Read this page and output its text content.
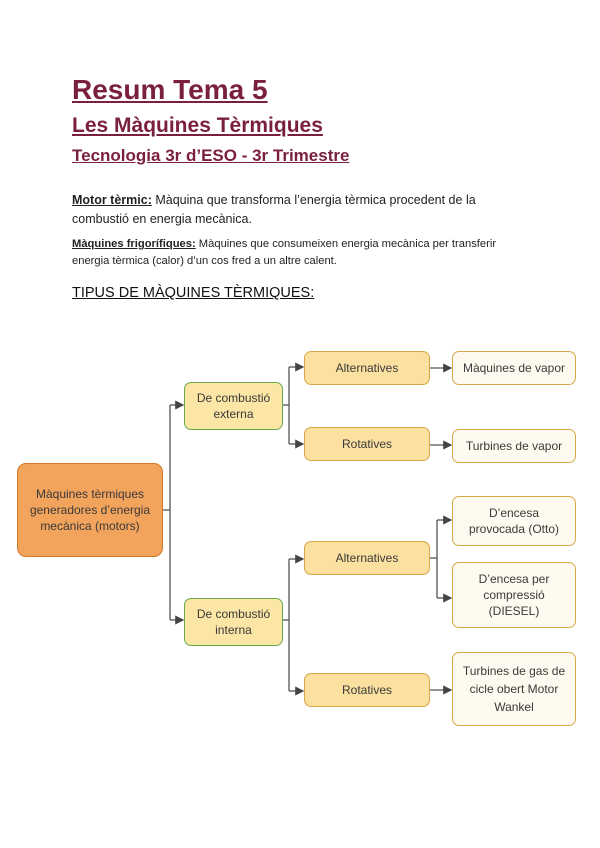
Resum Tema 5
Les Màquines Tèrmiques
Tecnologia 3r d’ESO - 3r Trimestre

Motor tèrmic: Màquina que transforma l’energia tèrmica procedent de la combustió en energia mecànica.

Màquines frigorífiques: Màquines que consumeixen energia mecànica per transferir energia tèrmica (calor) d’un cos fred a un altre calent.

TIPUS DE MÀQUINES TÈRMIQUES:
Màquines tèrmiques generadores d’energia mecànica (motors)
De combustió externa
De combustió interna
Alternatives
Rotatives
Alternatives
Rotatives
Màquines de vapor
Turbines de vapor
D’encesa provocada (Otto)
D’encesa per compressió (DIESEL)
Turbines de gas de cicle obert Motor Wankel
